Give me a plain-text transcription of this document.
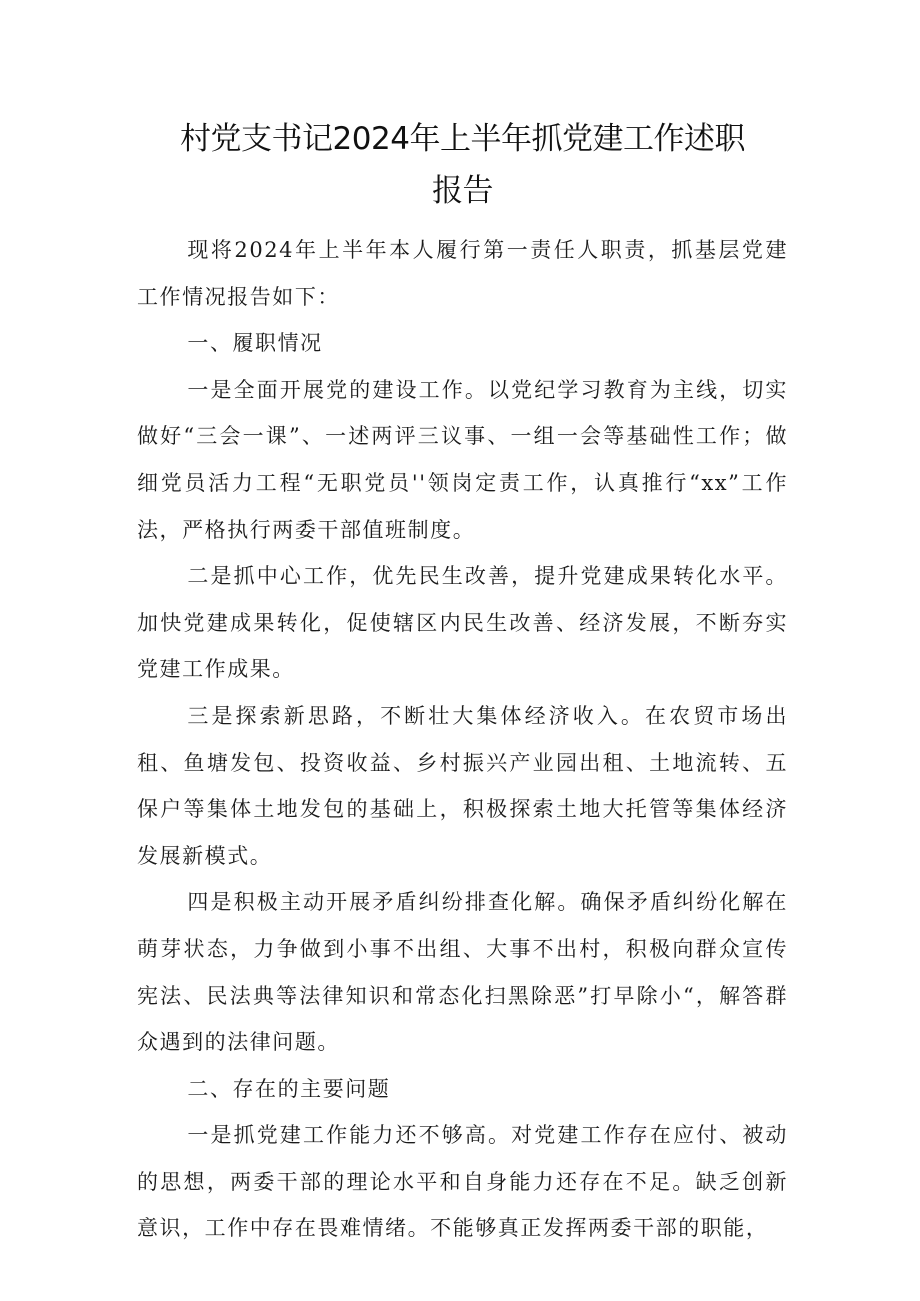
村党支书记2024年上半年抓党建工作述职
报告

现将2024年上半年本人履行第一责任人职责，抓基层党建工作情况报告如下：

一、履职情况

一是全面开展党的建设工作。以党纪学习教育为主线，切实做好“三会一课”、一述两评三议事、一组一会等基础性工作；做细党员活力工程“无职党员''领岗定责工作，认真推行“xx”工作法，严格执行两委干部值班制度。

二是抓中心工作，优先民生改善，提升党建成果转化水平。加快党建成果转化，促使辖区内民生改善、经济发展，不断夯实党建工作成果。

三是探索新思路，不断壮大集体经济收入。在农贸市场出租、鱼塘发包、投资收益、乡村振兴产业园出租、土地流转、五保户等集体土地发包的基础上，积极探索土地大托管等集体经济发展新模式。

四是积极主动开展矛盾纠纷排查化解。确保矛盾纠纷化解在萌芽状态，力争做到小事不出组、大事不出村，积极向群众宣传宪法、民法典等法律知识和常态化扫黑除恶”打早除小“，解答群众遇到的法律问题。

二、存在的主要问题

一是抓党建工作能力还不够高。对党建工作存在应付、被动的思想，两委干部的理论水平和自身能力还存在不足。缺乏创新意识，工作中存在畏难情绪。不能够真正发挥两委干部的职能，
